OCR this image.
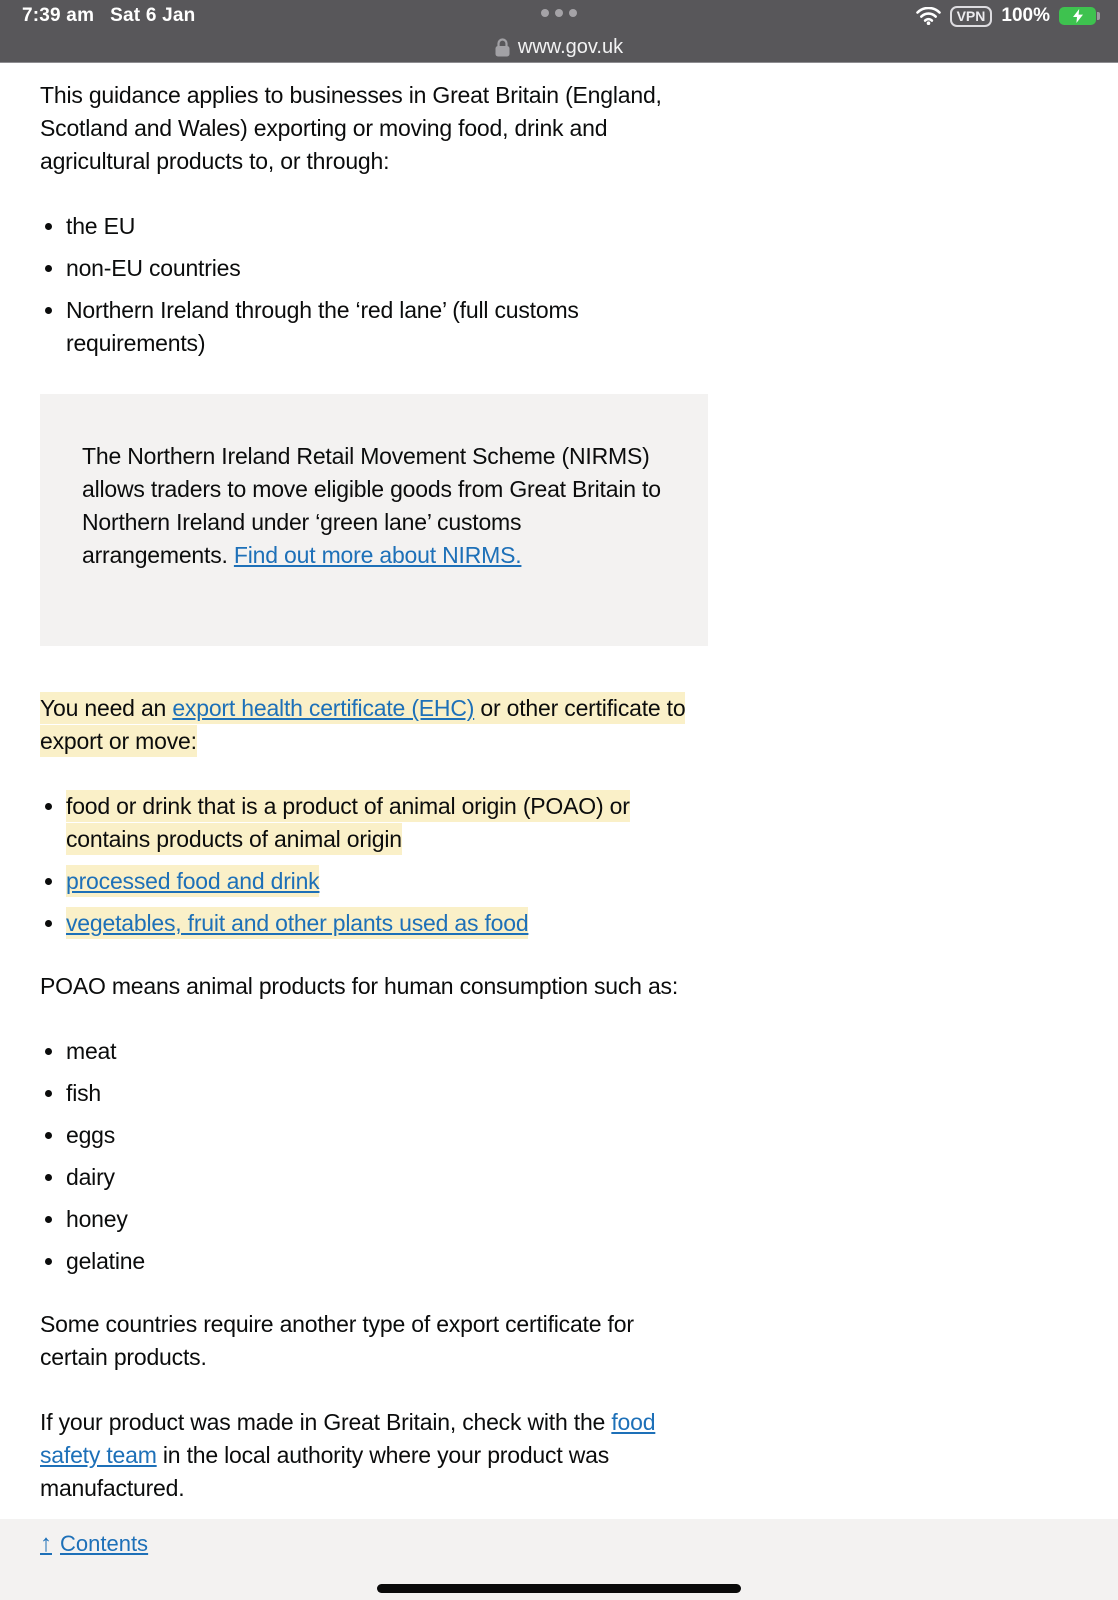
7:39 am Sat 6 Jan	VPN 100%
www.gov.uk

This guidance applies to businesses in Great Britain (England, Scotland and Wales) exporting or moving food, drink and agricultural products to, or through:

• the EU
• non-EU countries
• Northern Ireland through the ‘red lane’ (full customs requirements)

The Northern Ireland Retail Movement Scheme (NIRMS) allows traders to move eligible goods from Great Britain to Northern Ireland under ‘green lane’ customs arrangements. Find out more about NIRMS.

You need an export health certificate (EHC) or other certificate to export or move:

• food or drink that is a product of animal origin (POAO) or contains products of animal origin
• processed food and drink
• vegetables, fruit and other plants used as food

POAO means animal products for human consumption such as:

• meat
• fish
• eggs
• dairy
• honey
• gelatine

Some countries require another type of export certificate for certain products.

If your product was made in Great Britain, check with the food safety team in the local authority where your product was manufactured.

↑ Contents
